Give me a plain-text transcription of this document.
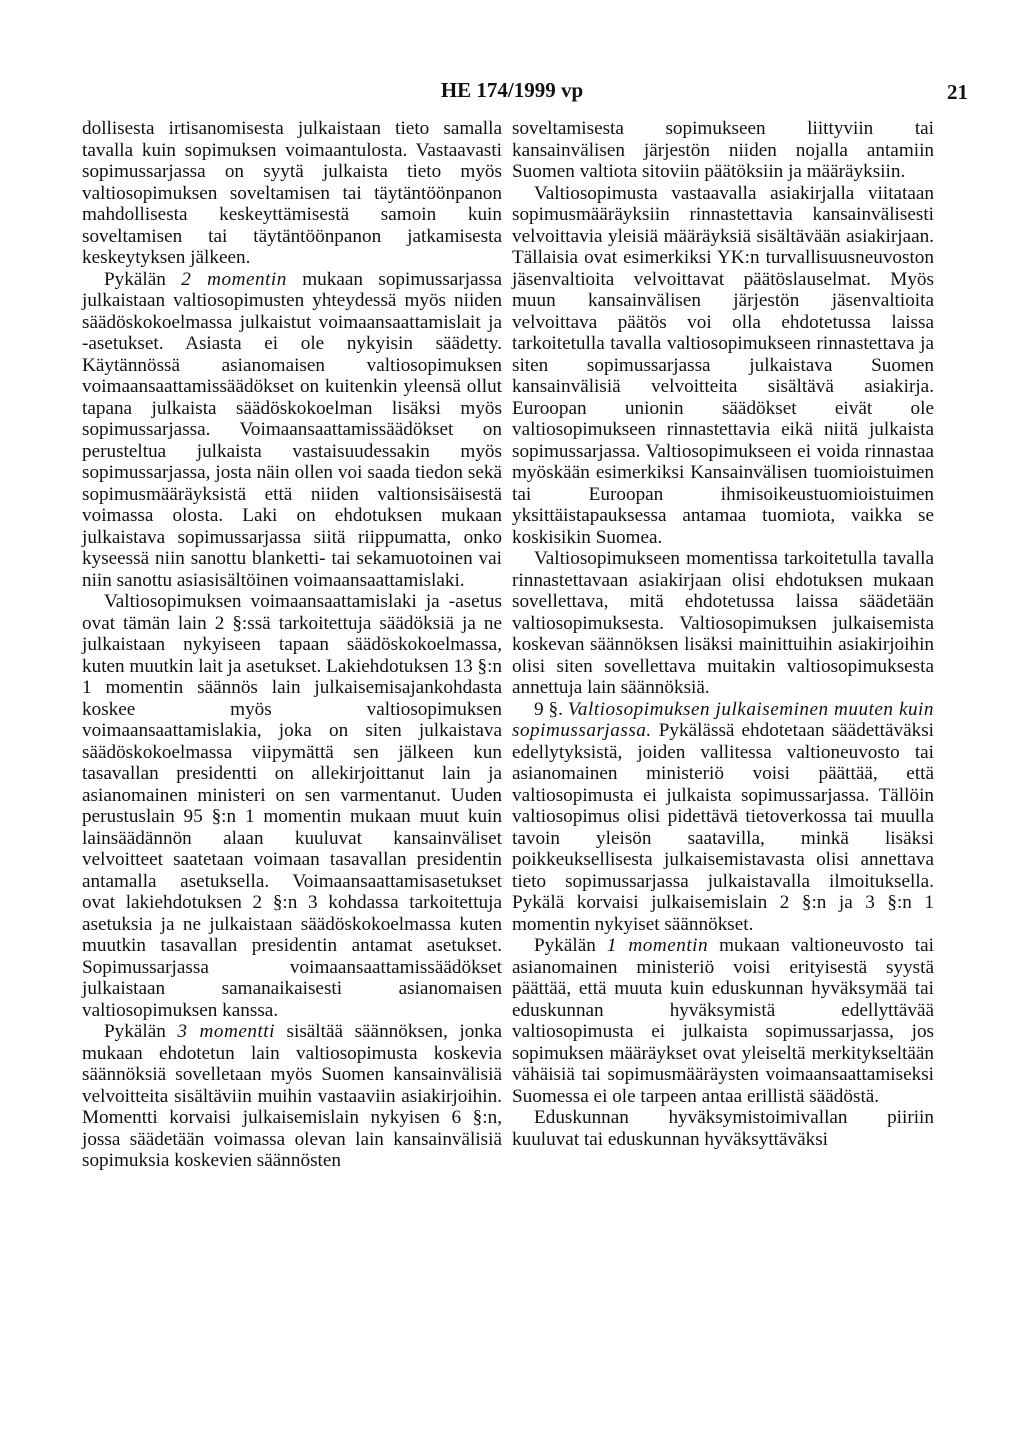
HE 174/1999 vp	21

dollisesta irtisanomisesta julkaistaan tieto samalla tavalla kuin sopimuksen voimaantulosta. Vastaavasti sopimussarjassa on syytä julkaista tieto myös valtiosopimuksen soveltamisen tai täytäntöönpanon mahdollisesta keskeyttämisestä samoin kuin soveltamisen tai täytäntöönpanon jatkamisesta keskeytyksen jälkeen.

Pykälän 2 momentin mukaan sopimussarjassa julkaistaan valtiosopimusten yhteydessä myös niiden säädöskokoelmassa julkaistut voimaansaattamislait ja -asetukset. Asiasta ei ole nykyisin säädetty. Käytännössä asianomaisen valtiosopimuksen voimaansaattamissäädökset on kuitenkin yleensä ollut tapana julkaista säädöskokoelman lisäksi myös sopimussarjassa. Voimaansaattamissäädökset on perusteltua julkaista vastaisuudessakin myös sopimussarjassa, josta näin ollen voi saada tiedon sekä sopimusmääräyksistä että niiden valtionsisäisestä voimassa olosta. Laki on ehdotuksen mukaan julkaistava sopimussarjassa siitä riippumatta, onko kyseessä niin sanottu blanketti- tai sekamuotoinen vai niin sanottu asiasisältöinen voimaansaattamislaki.

Valtiosopimuksen voimaansaattamislaki ja -asetus ovat tämän lain 2 §:ssä tarkoitettuja säädöksiä ja ne julkaistaan nykyiseen tapaan säädöskokoelmassa, kuten muutkin lait ja asetukset. Lakiehdotuksen 13 §:n 1 momentin säännös lain julkaisemisajankohdasta koskee myös valtiosopimuksen voimaansaattamislakia, joka on siten julkaistava säädöskokoelmassa viipymättä sen jälkeen kun tasavallan presidentti on allekirjoittanut lain ja asianomainen ministeri on sen varmentanut. Uuden perustuslain 95 §:n 1 momentin mukaan muut kuin lainsäädännön alaan kuuluvat kansainväliset velvoitteet saatetaan voimaan tasavallan presidentin antamalla asetuksella. Voimaansaattamisasetukset ovat lakiehdotuksen 2 §:n 3 kohdassa tarkoitettuja asetuksia ja ne julkaistaan säädöskokoelmassa kuten muutkin tasavallan presidentin antamat asetukset. Sopimussarjassa voimaansaattamissäädökset julkaistaan samanaikaisesti asianomaisen valtiosopimuksen kanssa.

Pykälän 3 momentti sisältää säännöksen, jonka mukaan ehdotetun lain valtiosopimusta koskevia säännöksiä sovelletaan myös Suomen kansainvälisiä velvoitteita sisältäviin muihin vastaaviin asiakirjoihin. Momentti korvaisi julkaisemislain nykyisen 6 §:n, jossa säädetään voimassa olevan lain kansainvälisiä sopimuksia koskevien säännösten

soveltamisesta sopimukseen liittyviin tai kansainvälisen järjestön niiden nojalla antamiin Suomen valtiota sitoviin päätöksiin ja määräyksiin.

Valtiosopimusta vastaavalla asiakirjalla viitataan sopimusmääräyksiin rinnastettavia kansainvälisesti velvoittavia yleisiä määräyksiä sisältävään asiakirjaan. Tällaisia ovat esimerkiksi YK:n turvallisuusneuvoston jäsenvaltioita velvoittavat päätöslauselmat. Myös muun kansainvälisen järjestön jäsenvaltioita velvoittava päätös voi olla ehdotetussa laissa tarkoitetulla tavalla valtiosopimukseen rinnastettava ja siten sopimussarjassa julkaistava Suomen kansainvälisiä velvoitteita sisältävä asiakirja. Euroopan unionin säädökset eivät ole valtiosopimukseen rinnastettavia eikä niitä julkaista sopimussarjassa. Valtiosopimukseen ei voida rinnastaa myöskään esimerkiksi Kansainvälisen tuomioistuimen tai Euroopan ihmisoikeustuomioistuimen yksittäistapauksessa antamaa tuomiota, vaikka se koskisikin Suomea.

Valtiosopimukseen momentissa tarkoitetulla tavalla rinnastettavaan asiakirjaan olisi ehdotuksen mukaan sovellettava, mitä ehdotetussa laissa säädetään valtiosopimuksesta. Valtiosopimuksen julkaisemista koskevan säännöksen lisäksi mainittuihin asiakirjoihin olisi siten sovellettava muitakin valtiosopimuksesta annettuja lain säännöksiä.

9 §. Valtiosopimuksen julkaiseminen muuten kuin sopimussarjassa. Pykälässä ehdotetaan säädettäväksi edellytyksistä, joiden vallitessa valtioneuvosto tai asianomainen ministeriö voisi päättää, että valtiosopimusta ei julkaista sopimussarjassa. Tällöin valtiosopimus olisi pidettävä tietoverkossa tai muulla tavoin yleisön saatavilla, minkä lisäksi poikkeuksellisesta julkaisemistavasta olisi annettava tieto sopimussarjassa julkaistavalla ilmoituksella. Pykälä korvaisi julkaisemislain 2 §:n ja 3 §:n 1 momentin nykyiset säännökset.

Pykälän 1 momentin mukaan valtioneuvosto tai asianomainen ministeriö voisi erityisestä syystä päättää, että muuta kuin eduskunnan hyväksymää tai eduskunnan hyväksymistä edellyttävää valtiosopimusta ei julkaista sopimussarjassa, jos sopimuksen määräykset ovat yleiseltä merkitykseltään vähäisiä tai sopimusmääräysten voimaansaattamiseksi Suomessa ei ole tarpeen antaa erillistä säädöstä.

Eduskunnan hyväksymistoimivallan piiriin kuuluvat tai eduskunnan hyväksyttäväksi
